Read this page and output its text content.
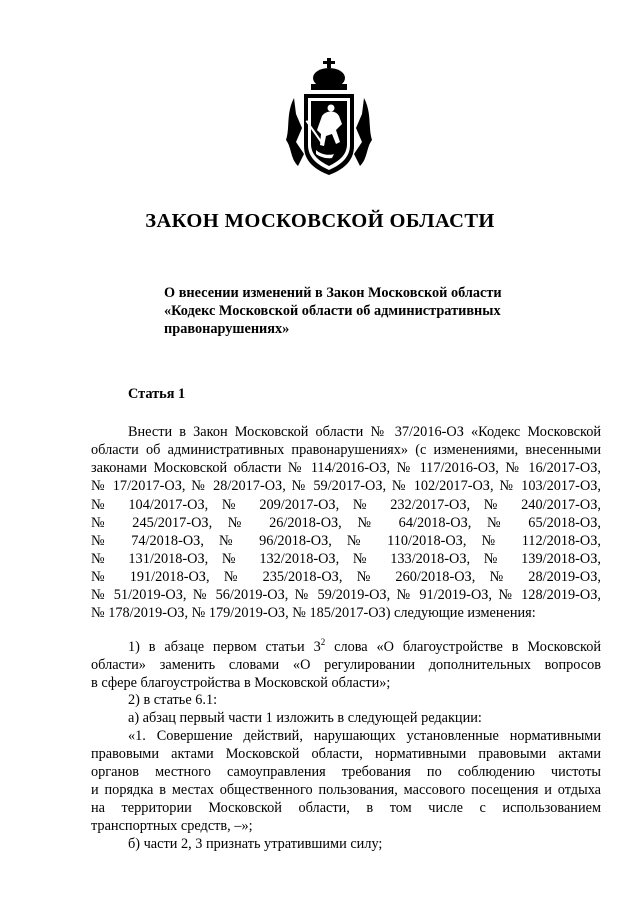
ЗАКОН МОСКОВСКОЙ ОБЛАСТИ
О внесении изменений в Закон Московской области
«Кодекс Московской области об административных
правонарушениях»
Статья 1
Внести в Закон Московской области № 37/2016-ОЗ «Кодекс Московской
области об административных правонарушениях» (с изменениями, внесенными
законами Московской области № 114/2016-ОЗ, № 117/2016-ОЗ, № 16/2017-ОЗ,
№ 17/2017-ОЗ, № 28/2017-ОЗ, № 59/2017-ОЗ, № 102/2017-ОЗ, № 103/2017-ОЗ,
№ 104/2017-ОЗ, № 209/2017-ОЗ, № 232/2017-ОЗ, № 240/2017-ОЗ,
№ 245/2017-ОЗ, № 26/2018-ОЗ, № 64/2018-ОЗ, № 65/2018-ОЗ,
№ 74/2018-ОЗ, № 96/2018-ОЗ, № 110/2018-ОЗ, № 112/2018-ОЗ,
№ 131/2018-ОЗ, № 132/2018-ОЗ, № 133/2018-ОЗ, № 139/2018-ОЗ,
№ 191/2018-ОЗ, № 235/2018-ОЗ, № 260/2018-ОЗ, № 28/2019-ОЗ,
№ 51/2019-ОЗ, № 56/2019-ОЗ, № 59/2019-ОЗ, № 91/2019-ОЗ, № 128/2019-ОЗ,
№ 178/2019-ОЗ, № 179/2019-ОЗ, № 185/2017-ОЗ) следующие изменения:
1) в абзаце первом статьи $3^2$ слова «О благоустройстве в Московской
области» заменить словами «О регулировании дополнительных вопросов
в сфере благоустройства в Московской области»;
2) в статье 6.1:
а) абзац первый части 1 изложить в следующей редакции:
«1. Совершение действий, нарушающих установленные нормативными
правовыми актами Московской области, нормативными правовыми актами
органов местного самоуправления требования по соблюдению чистоты
и порядка в местах общественного пользования, массового посещения и отдыха
на территории Московской области, в том числе с использованием
транспортных средств, –»;
б) части 2, 3 признать утратившими силу;
